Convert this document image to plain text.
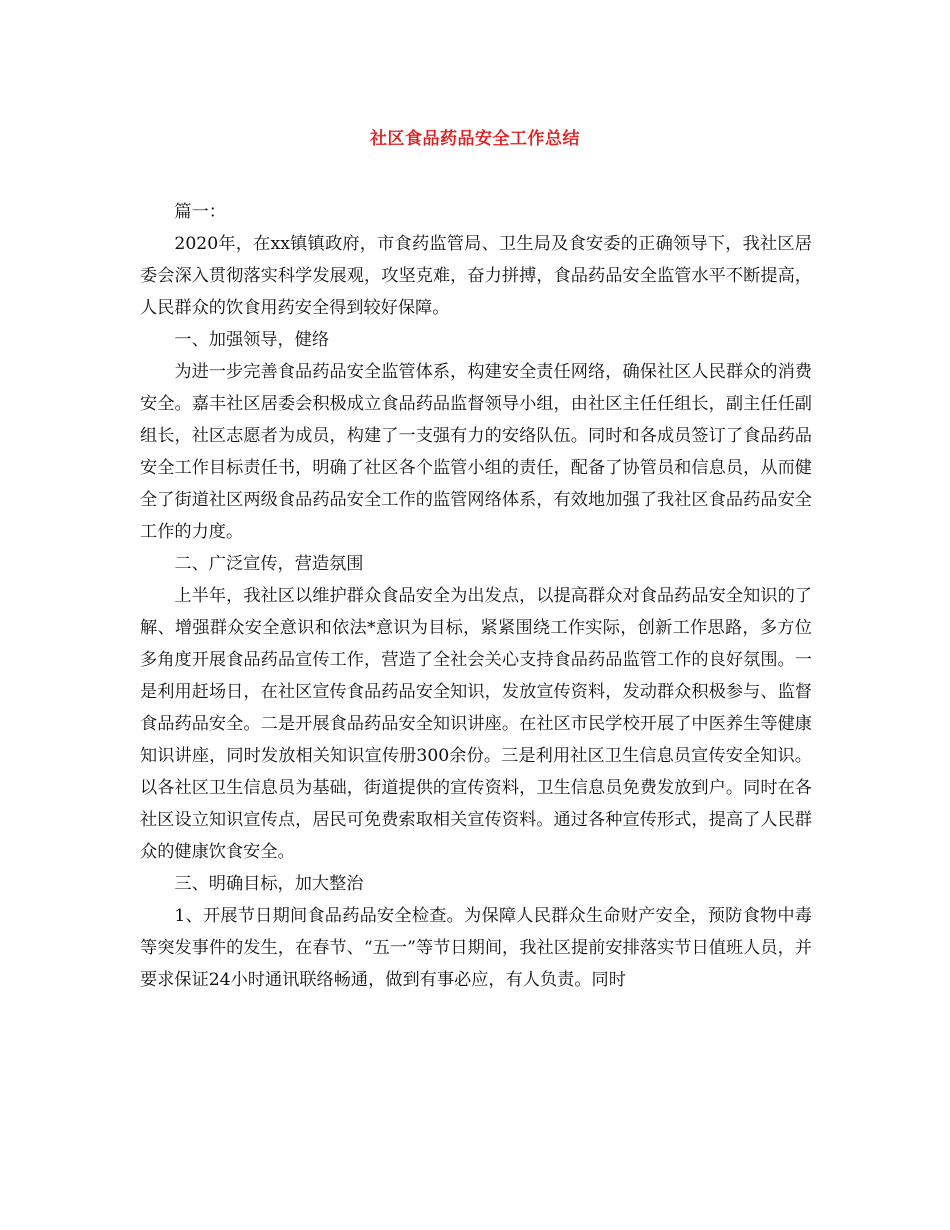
社区食品药品安全工作总结

篇一：

2020年，在xx镇镇政府，市食药监管局、卫生局及食安委的正确领导下，我社区居委会深入贯彻落实科学发展观，攻坚克难，奋力拼搏，食品药品安全监管水平不断提高，人民群众的饮食用药安全得到较好保障。

一、加强领导，健络

为进一步完善食品药品安全监管体系，构建安全责任网络，确保社区人民群众的消费安全。嘉丰社区居委会积极成立食品药品监督领导小组，由社区主任任组长，副主任任副组长，社区志愿者为成员，构建了一支强有力的安络队伍。同时和各成员签订了食品药品安全工作目标责任书，明确了社区各个监管小组的责任，配备了协管员和信息员，从而健全了街道社区两级食品药品安全工作的监管网络体系，有效地加强了我社区食品药品安全工作的力度。

二、广泛宣传，营造氛围

上半年，我社区以维护群众食品安全为出发点，以提高群众对食品药品安全知识的了解、增强群众安全意识和依法*意识为目标，紧紧围绕工作实际，创新工作思路，多方位多角度开展食品药品宣传工作，营造了全社会关心支持食品药品监管工作的良好氛围。一是利用赶场日，在社区宣传食品药品安全知识，发放宣传资料，发动群众积极参与、监督食品药品安全。二是开展食品药品安全知识讲座。在社区市民学校开展了中医养生等健康知识讲座，同时发放相关知识宣传册300余份。三是利用社区卫生信息员宣传安全知识。以各社区卫生信息员为基础，街道提供的宣传资料，卫生信息员免费发放到户。同时在各社区设立知识宣传点，居民可免费索取相关宣传资料。通过各种宣传形式，提高了人民群众的健康饮食安全。

三、明确目标，加大整治

1、开展节日期间食品药品安全检查。为保障人民群众生命财产安全，预防食物中毒等突发事件的发生，在春节、“五一”等节日期间，我社区提前安排落实节日值班人员，并要求保证24小时通讯联络畅通，做到有事必应，有人负责。同时
